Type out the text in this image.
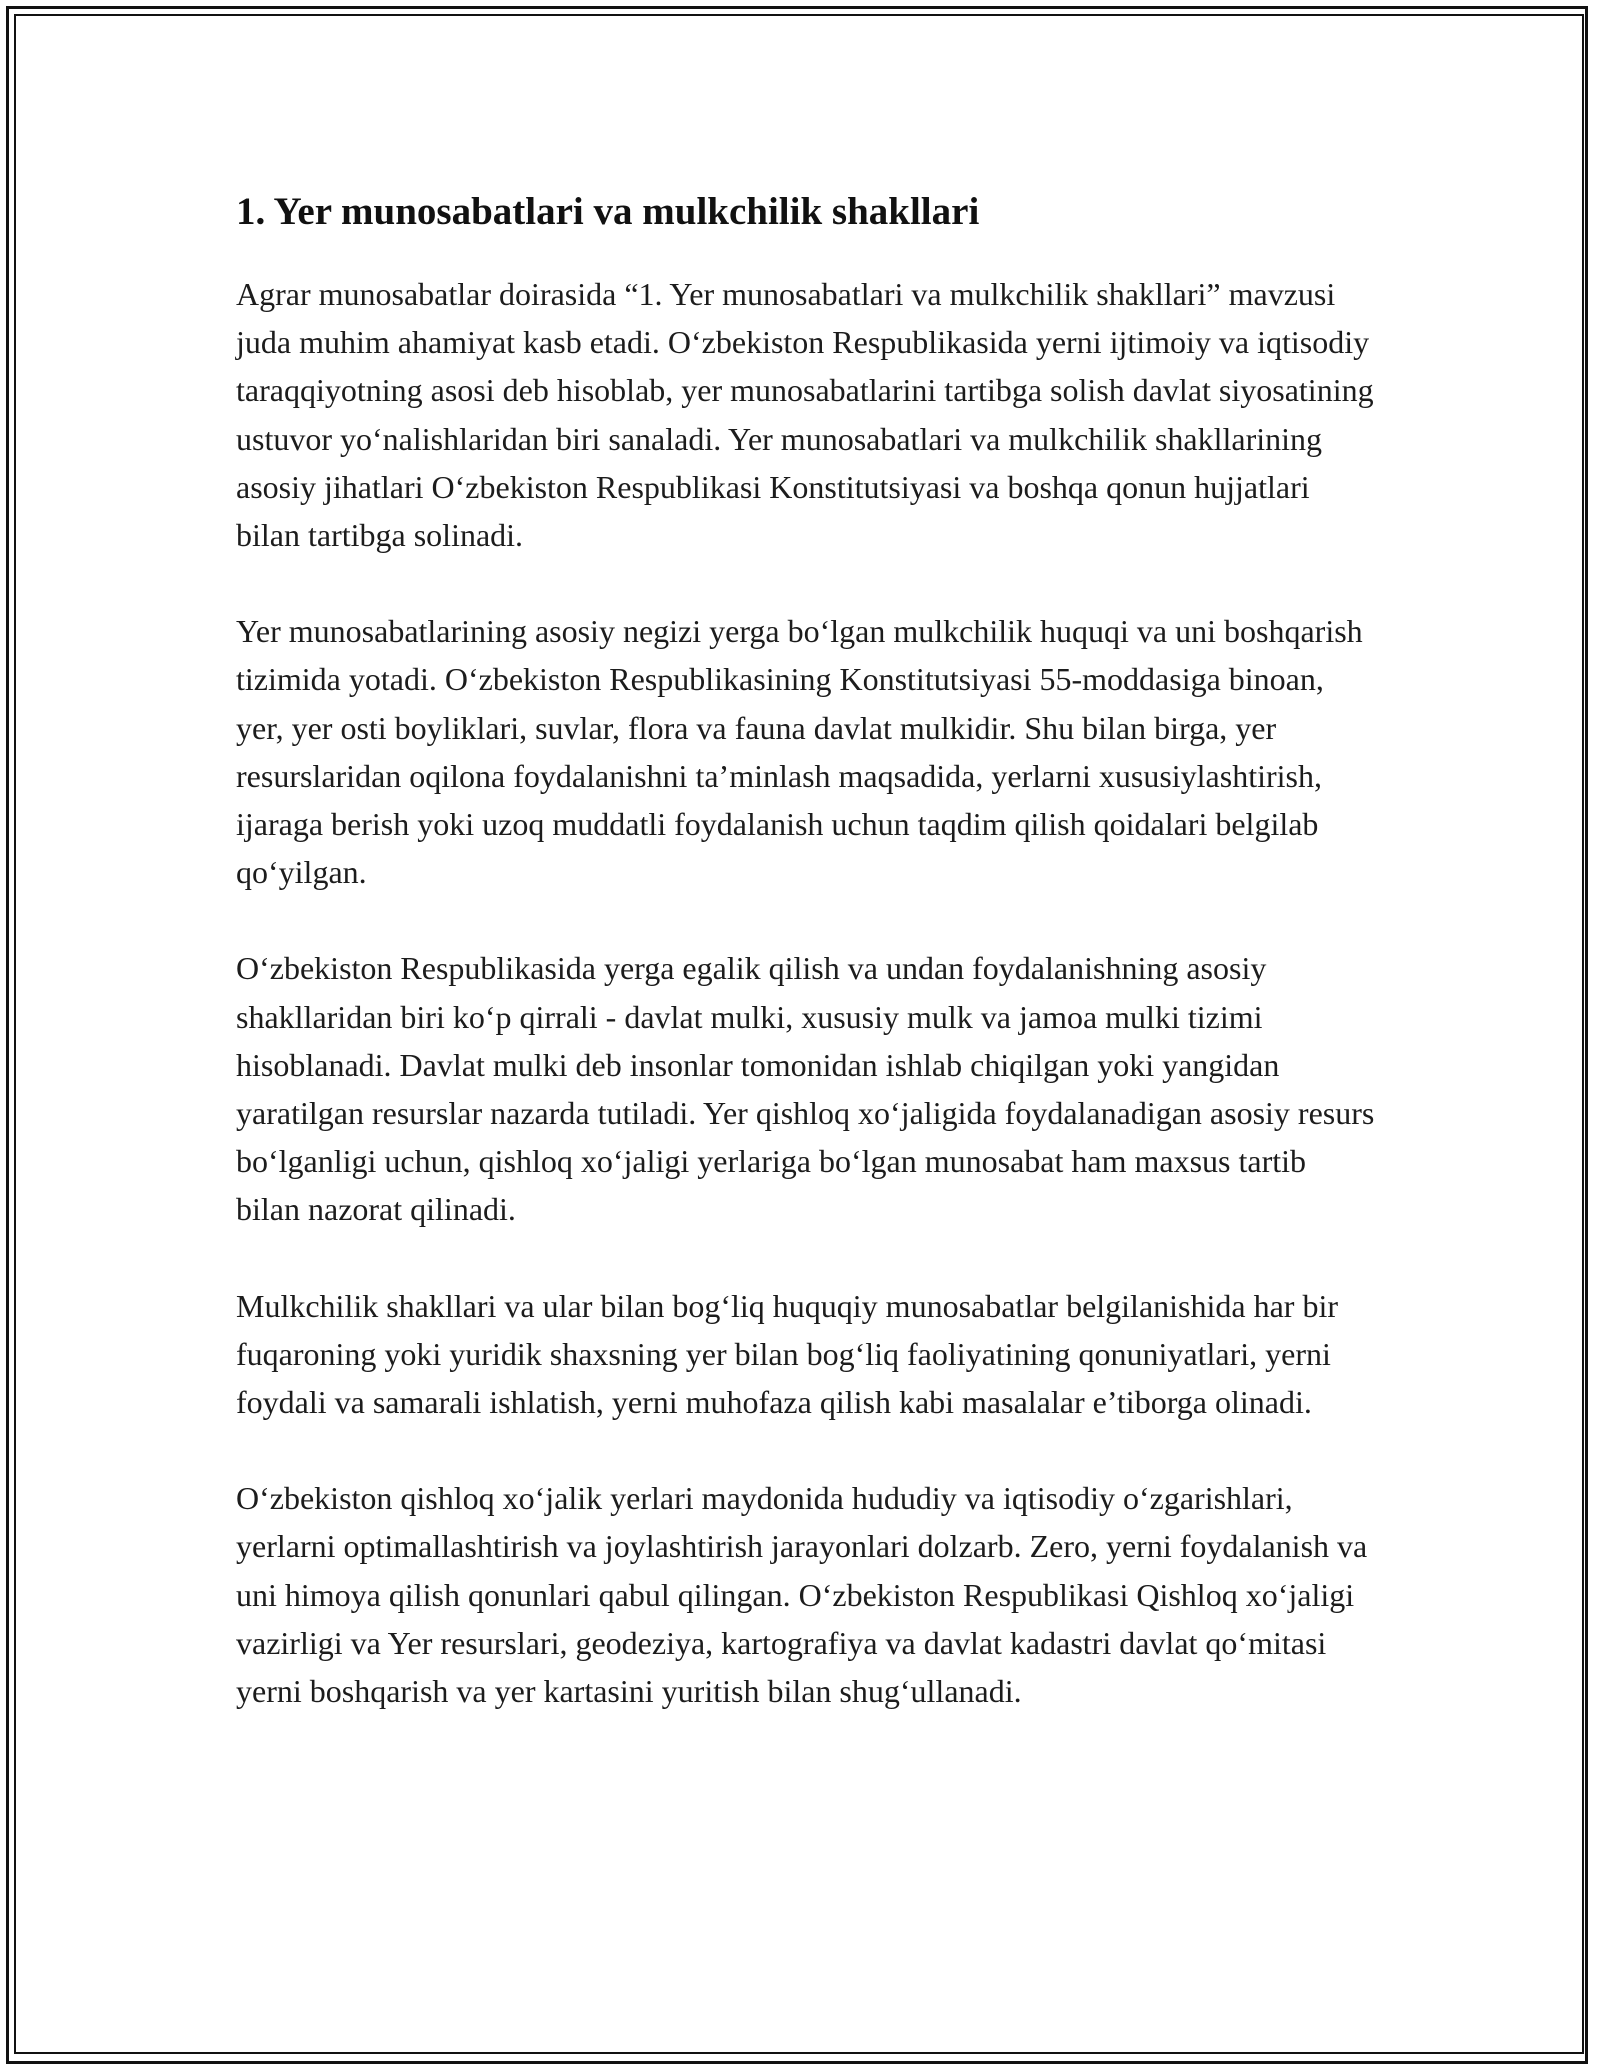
1. Yer munosabatlari va mulkchilik shakllari

Agrar munosabatlar doirasida “1. Yer munosabatlari va mulkchilik shakllari” mavzusi juda muhim ahamiyat kasb etadi. O‘zbekiston Respublikasida yerni ijtimoiy va iqtisodiy taraqqiyotning asosi deb hisoblab, yer munosabatlarini tartibga solish davlat siyosatining ustuvor yo‘nalishlaridan biri sanaladi. Yer munosabatlari va mulkchilik shakllarining asosiy jihatlari O‘zbekiston Respublikasi Konstitutsiyasi va boshqa qonun hujjatlari bilan tartibga solinadi.

Yer munosabatlarining asosiy negizi yerga bo‘lgan mulkchilik huquqi va uni boshqarish tizimida yotadi. O‘zbekiston Respublikasining Konstitutsiyasi 55-moddasiga binoan, yer, yer osti boyliklari, suvlar, flora va fauna davlat mulkidir. Shu bilan birga, yer resurslaridan oqilona foydalanishni ta’minlash maqsadida, yerlarni xususiylashtirish, ijaraga berish yoki uzoq muddatli foydalanish uchun taqdim qilish qoidalari belgilab qo‘yilgan.

O‘zbekiston Respublikasida yerga egalik qilish va undan foydalanishning asosiy shakllaridan biri ko‘p qirrali - davlat mulki, xususiy mulk va jamoa mulki tizimi hisoblanadi. Davlat mulki deb insonlar tomonidan ishlab chiqilgan yoki yangidan yaratilgan resurslar nazarda tutiladi. Yer qishloq xo‘jaligida foydalanadigan asosiy resurs bo‘lganligi uchun, qishloq xo‘jaligi yerlariga bo‘lgan munosabat ham maxsus tartib bilan nazorat qilinadi.

Mulkchilik shakllari va ular bilan bog‘liq huquqiy munosabatlar belgilanishida har bir fuqaroning yoki yuridik shaxsning yer bilan bog‘liq faoliyatining qonuniyatlari, yerni foydali va samarali ishlatish, yerni muhofaza qilish kabi masalalar e’tiborga olinadi.

O‘zbekiston qishloq xo‘jalik yerlari maydonida hududiy va iqtisodiy o‘zgarishlari, yerlarni optimallashtirish va joylashtirish jarayonlari dolzarb. Zero, yerni foydalanish va uni himoya qilish qonunlari qabul qilingan. O‘zbekiston Respublikasi Qishloq xo‘jaligi vazirligi va Yer resurslari, geodeziya, kartografiya va davlat kadastri davlat qo‘mitasi yerni boshqarish va yer kartasini yuritish bilan shug‘ullanadi.
